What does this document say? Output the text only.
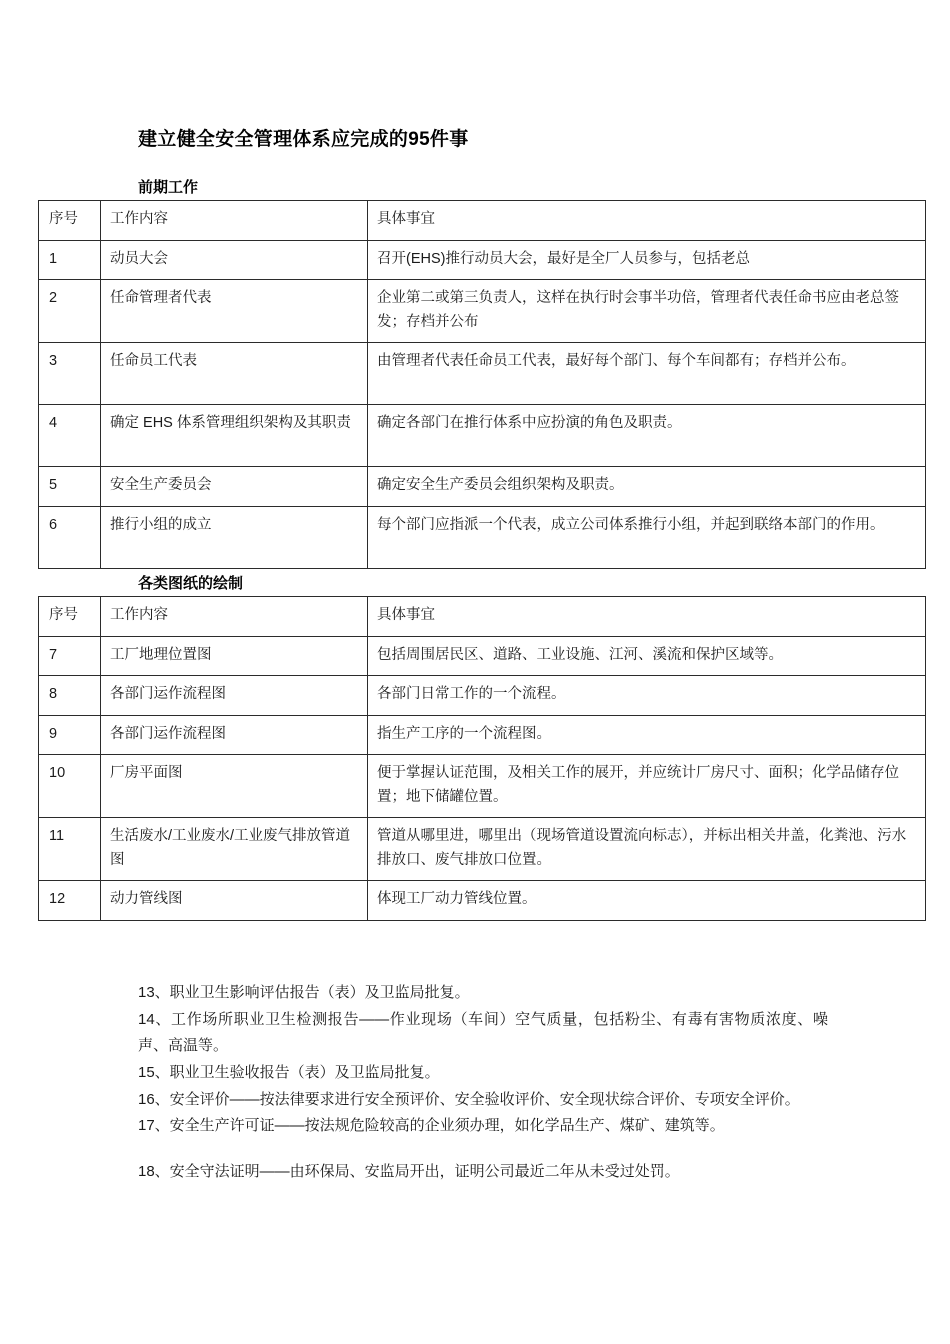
建立健全安全管理体系应完成的95件事
前期工作
序号	工作内容	具体事宜
1	动员大会	召开(EHS)推行动员大会，最好是全厂人员参与，包括老总
2	任命管理者代表	企业第二或第三负责人，这样在执行时会事半功倍，管理者代表任命书应由老总签发；存档并公布
3	任命员工代表	由管理者代表任命员工代表，最好每个部门、每个车间都有；存档并公布。
4	确定 EHS 体系管理组织架构及其职责	确定各部门在推行体系中应扮演的角色及职责。
5	安全生产委员会	确定安全生产委员会组织架构及职责。
6	推行小组的成立	每个部门应指派一个代表，成立公司体系推行小组，并起到联络本部门的作用。
各类图纸的绘制
序号	工作内容	具体事宜
7	工厂地理位置图	包括周围居民区、道路、工业设施、江河、溪流和保护区域等。
8	各部门运作流程图	各部门日常工作的一个流程。
9	各部门运作流程图	指生产工序的一个流程图。
10	厂房平面图	便于掌握认证范围，及相关工作的展开，并应统计厂房尺寸、面积；化学品储存位置；地下储罐位置。
11	生活废水/工业废水/工业废气排放管道图	管道从哪里进，哪里出（现场管道设置流向标志），并标出相关井盖，化粪池、污水排放口、废气排放口位置。
12	动力管线图	体现工厂动力管线位置。

13、职业卫生影响评估报告（表）及卫监局批复。

14、工作场所职业卫生检测报告——作业现场（车间）空气质量，包括粉尘、有毒有害物质浓度、噪声、高温等。

15、职业卫生验收报告（表）及卫监局批复。

16、安全评价——按法律要求进行安全预评价、安全验收评价、安全现状综合评价、专项安全评价。

17、安全生产许可证——按法规危险较高的企业须办理，如化学品生产、煤矿、建筑等。

18、安全守法证明——由环保局、安监局开出，证明公司最近二年从未受过处罚。
